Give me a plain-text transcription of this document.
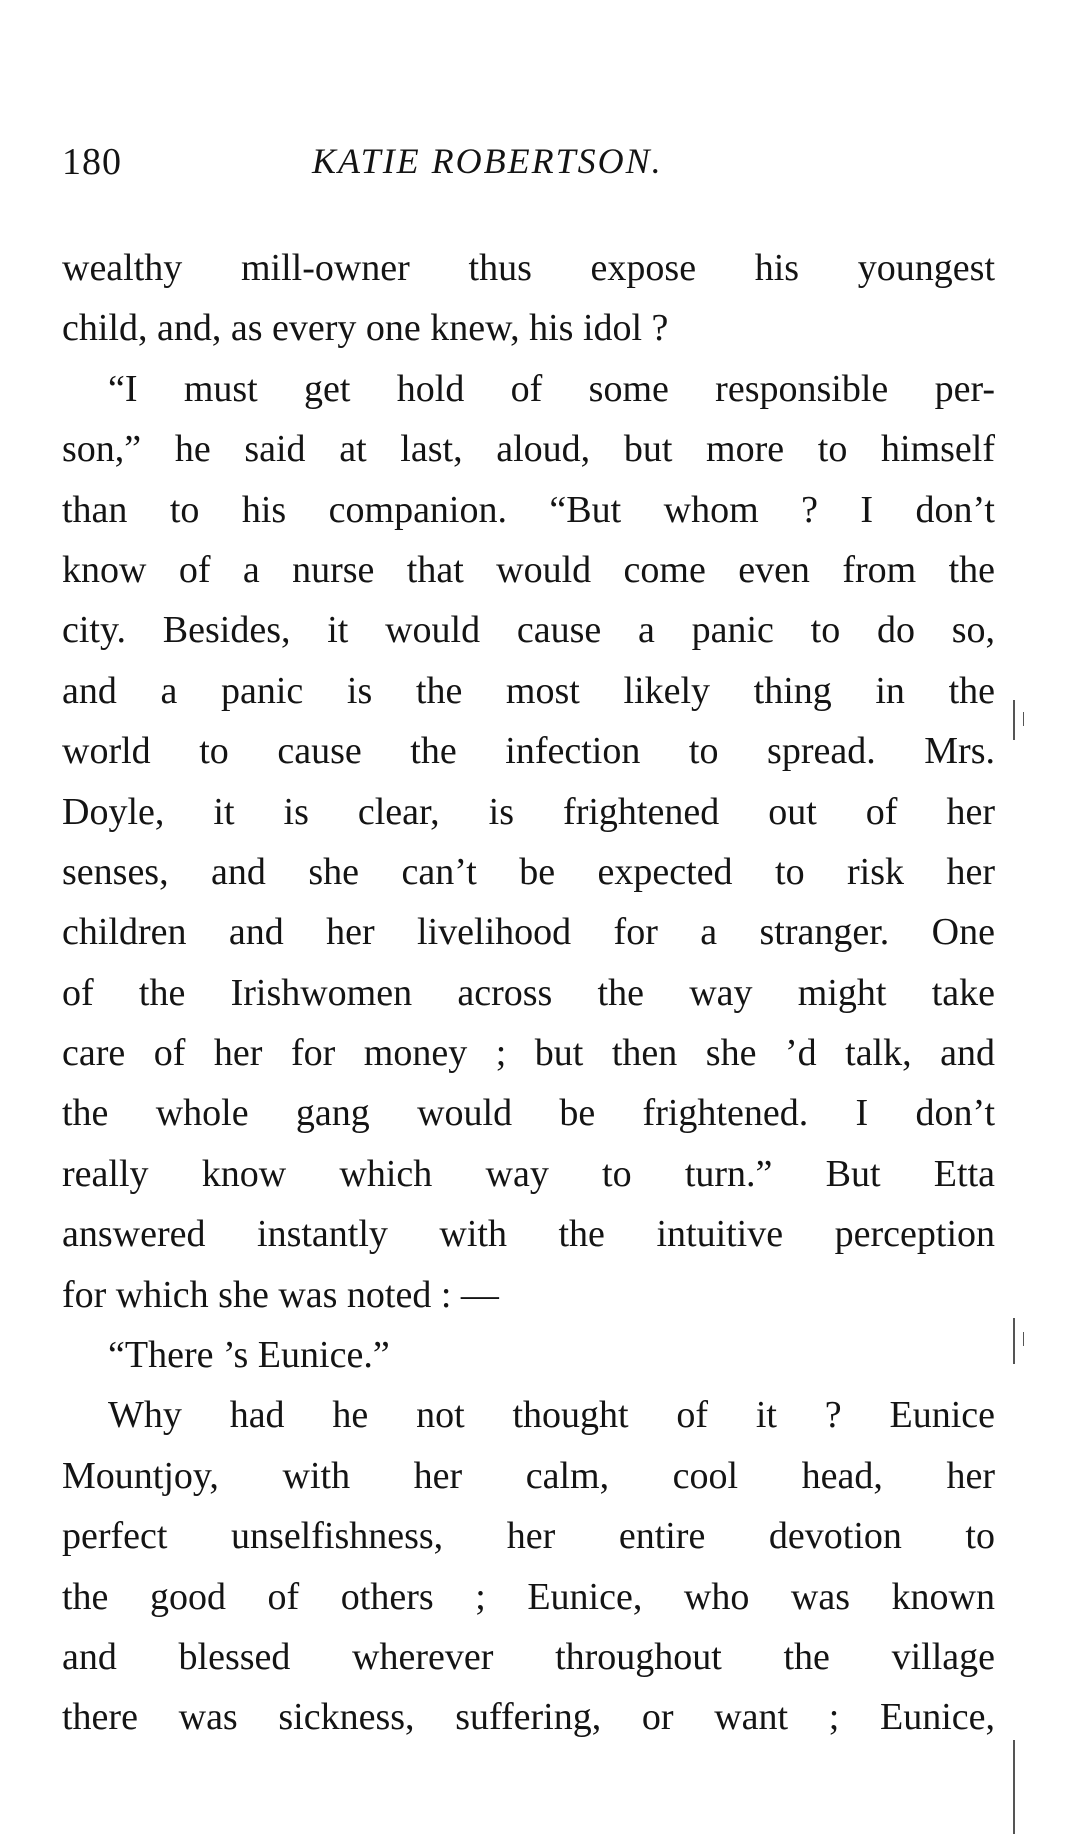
180	KATIE ROBERTSON.
wealthy mill-owner thus expose his youngest
child, and, as every one knew, his idol ?
“I must get hold of some responsible per-
son,” he said at last, aloud, but more to himself
than to his companion. “But whom ? I don’t
know of a nurse that would come even from the
city. Besides, it would cause a panic to do so,
and a panic is the most likely thing in the
world to cause the infection to spread. Mrs.
Doyle, it is clear, is frightened out of her
senses, and she can’t be expected to risk her
children and her livelihood for a stranger. One
of the Irishwomen across the way might take
care of her for money ; but then she ’d talk, and
the whole gang would be frightened. I don’t
really know which way to turn.” But Etta
answered instantly with the intuitive perception
for which she was noted : —
“There ’s Eunice.”
Why had he not thought of it ? Eunice
Mountjoy, with her calm, cool head, her
perfect unselfishness, her entire devotion to
the good of others ; Eunice, who was known
and blessed wherever throughout the village
there was sickness, suffering, or want ; Eunice,
